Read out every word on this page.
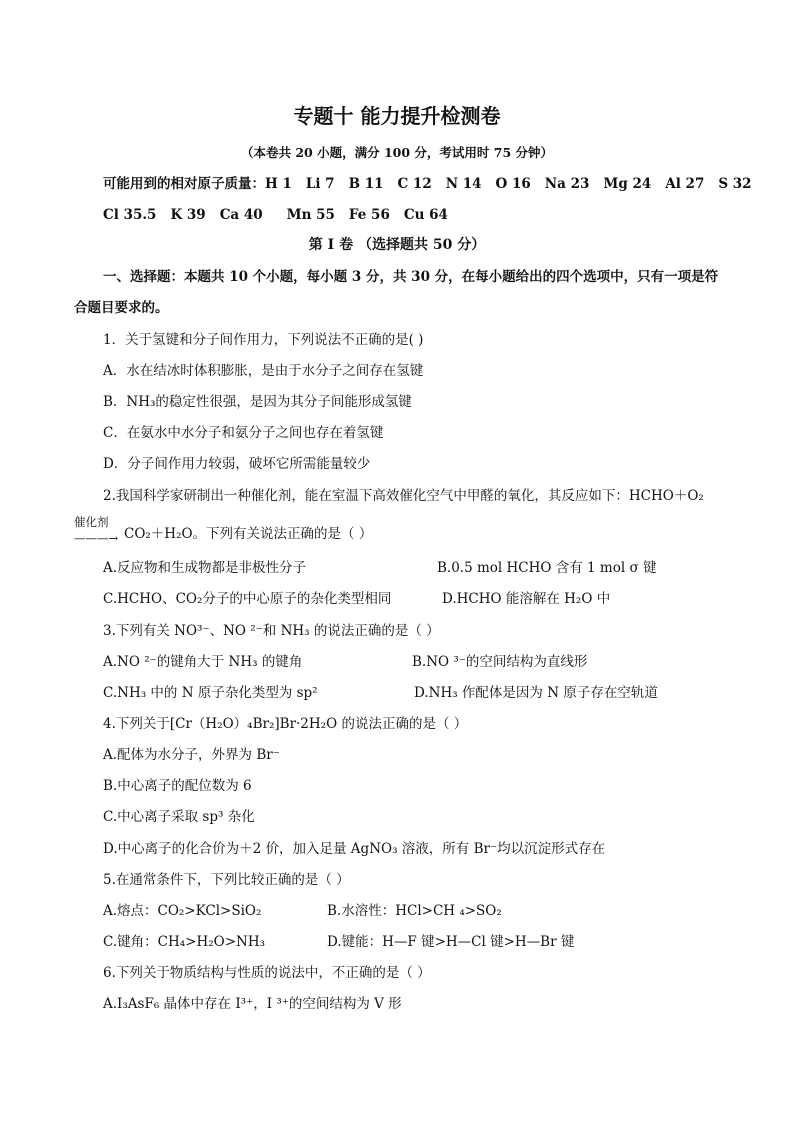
专题十 能力提升检测卷
（本卷共 20 小题，满分 100 分，考试用时 75 分钟）
可能用到的相对原子质量：H 1 Li 7 B 11 C 12 N 14 O 16 Na 23 Mg 24 Al 27 S 32
Cl 35.5 K 39 Ca 40 Mn 55 Fe 56 Cu 64
第 I 卷 （选择题共 50 分）
一、选择题：本题共 10 个小题，每小题 3 分，共 30 分，在每小题给出的四个选项中，只有一项是符
合题目要求的。
1．关于氢键和分子间作用力，下列说法不正确的是( )
A．水在结冰时体积膨胀，是由于水分子之间存在氢键
B．NH₃的稳定性很强，是因为其分子间能形成氢键
C．在氨水中水分子和氨分子之间也存在着氢键
D．分子间作用力较弱，破坏它所需能量较少
2.我国科学家研制出一种催化剂，能在室温下高效催化空气中甲醛的氧化，其反应如下：HCHO＋O₂
催化剂
———→ CO₂＋H₂O。下列有关说法正确的是（ ）
A.反应物和生成物都是非极性分子	B.0.5 mol HCHO 含有 1 mol σ 键
C.HCHO、CO₂分子的中心原子的杂化类型相同	D.HCHO 能溶解在 H₂O 中
3.下列有关 NO³⁻、NO ²⁻和 NH₃ 的说法正确的是（ ）
A.NO ²⁻的键角大于 NH₃ 的键角	B.NO ³⁻的空间结构为直线形
C.NH₃ 中的 N 原子杂化类型为 sp²	D.NH₃ 作配体是因为 N 原子存在空轨道
4.下列关于[Cr（H₂O）₄Br₂]Br·2H₂O 的说法正确的是（ ）
A.配体为水分子，外界为 Br⁻
B.中心离子的配位数为 6
C.中心离子采取 sp³ 杂化
D.中心离子的化合价为＋2 价，加入足量 AgNO₃ 溶液，所有 Br⁻均以沉淀形式存在
5.在通常条件下，下列比较正确的是（ ）
A.熔点：CO₂>KCl>SiO₂	B.水溶性：HCl>CH ₄>SO₂
C.键角：CH₄>H₂O>NH₃	D.键能：H—F 键>H—Cl 键>H—Br 键
6.下列关于物质结构与性质的说法中，不正确的是（ ）
A.I₃AsF₆ 晶体中存在 I³⁺，I ³⁺的空间结构为 V 形
